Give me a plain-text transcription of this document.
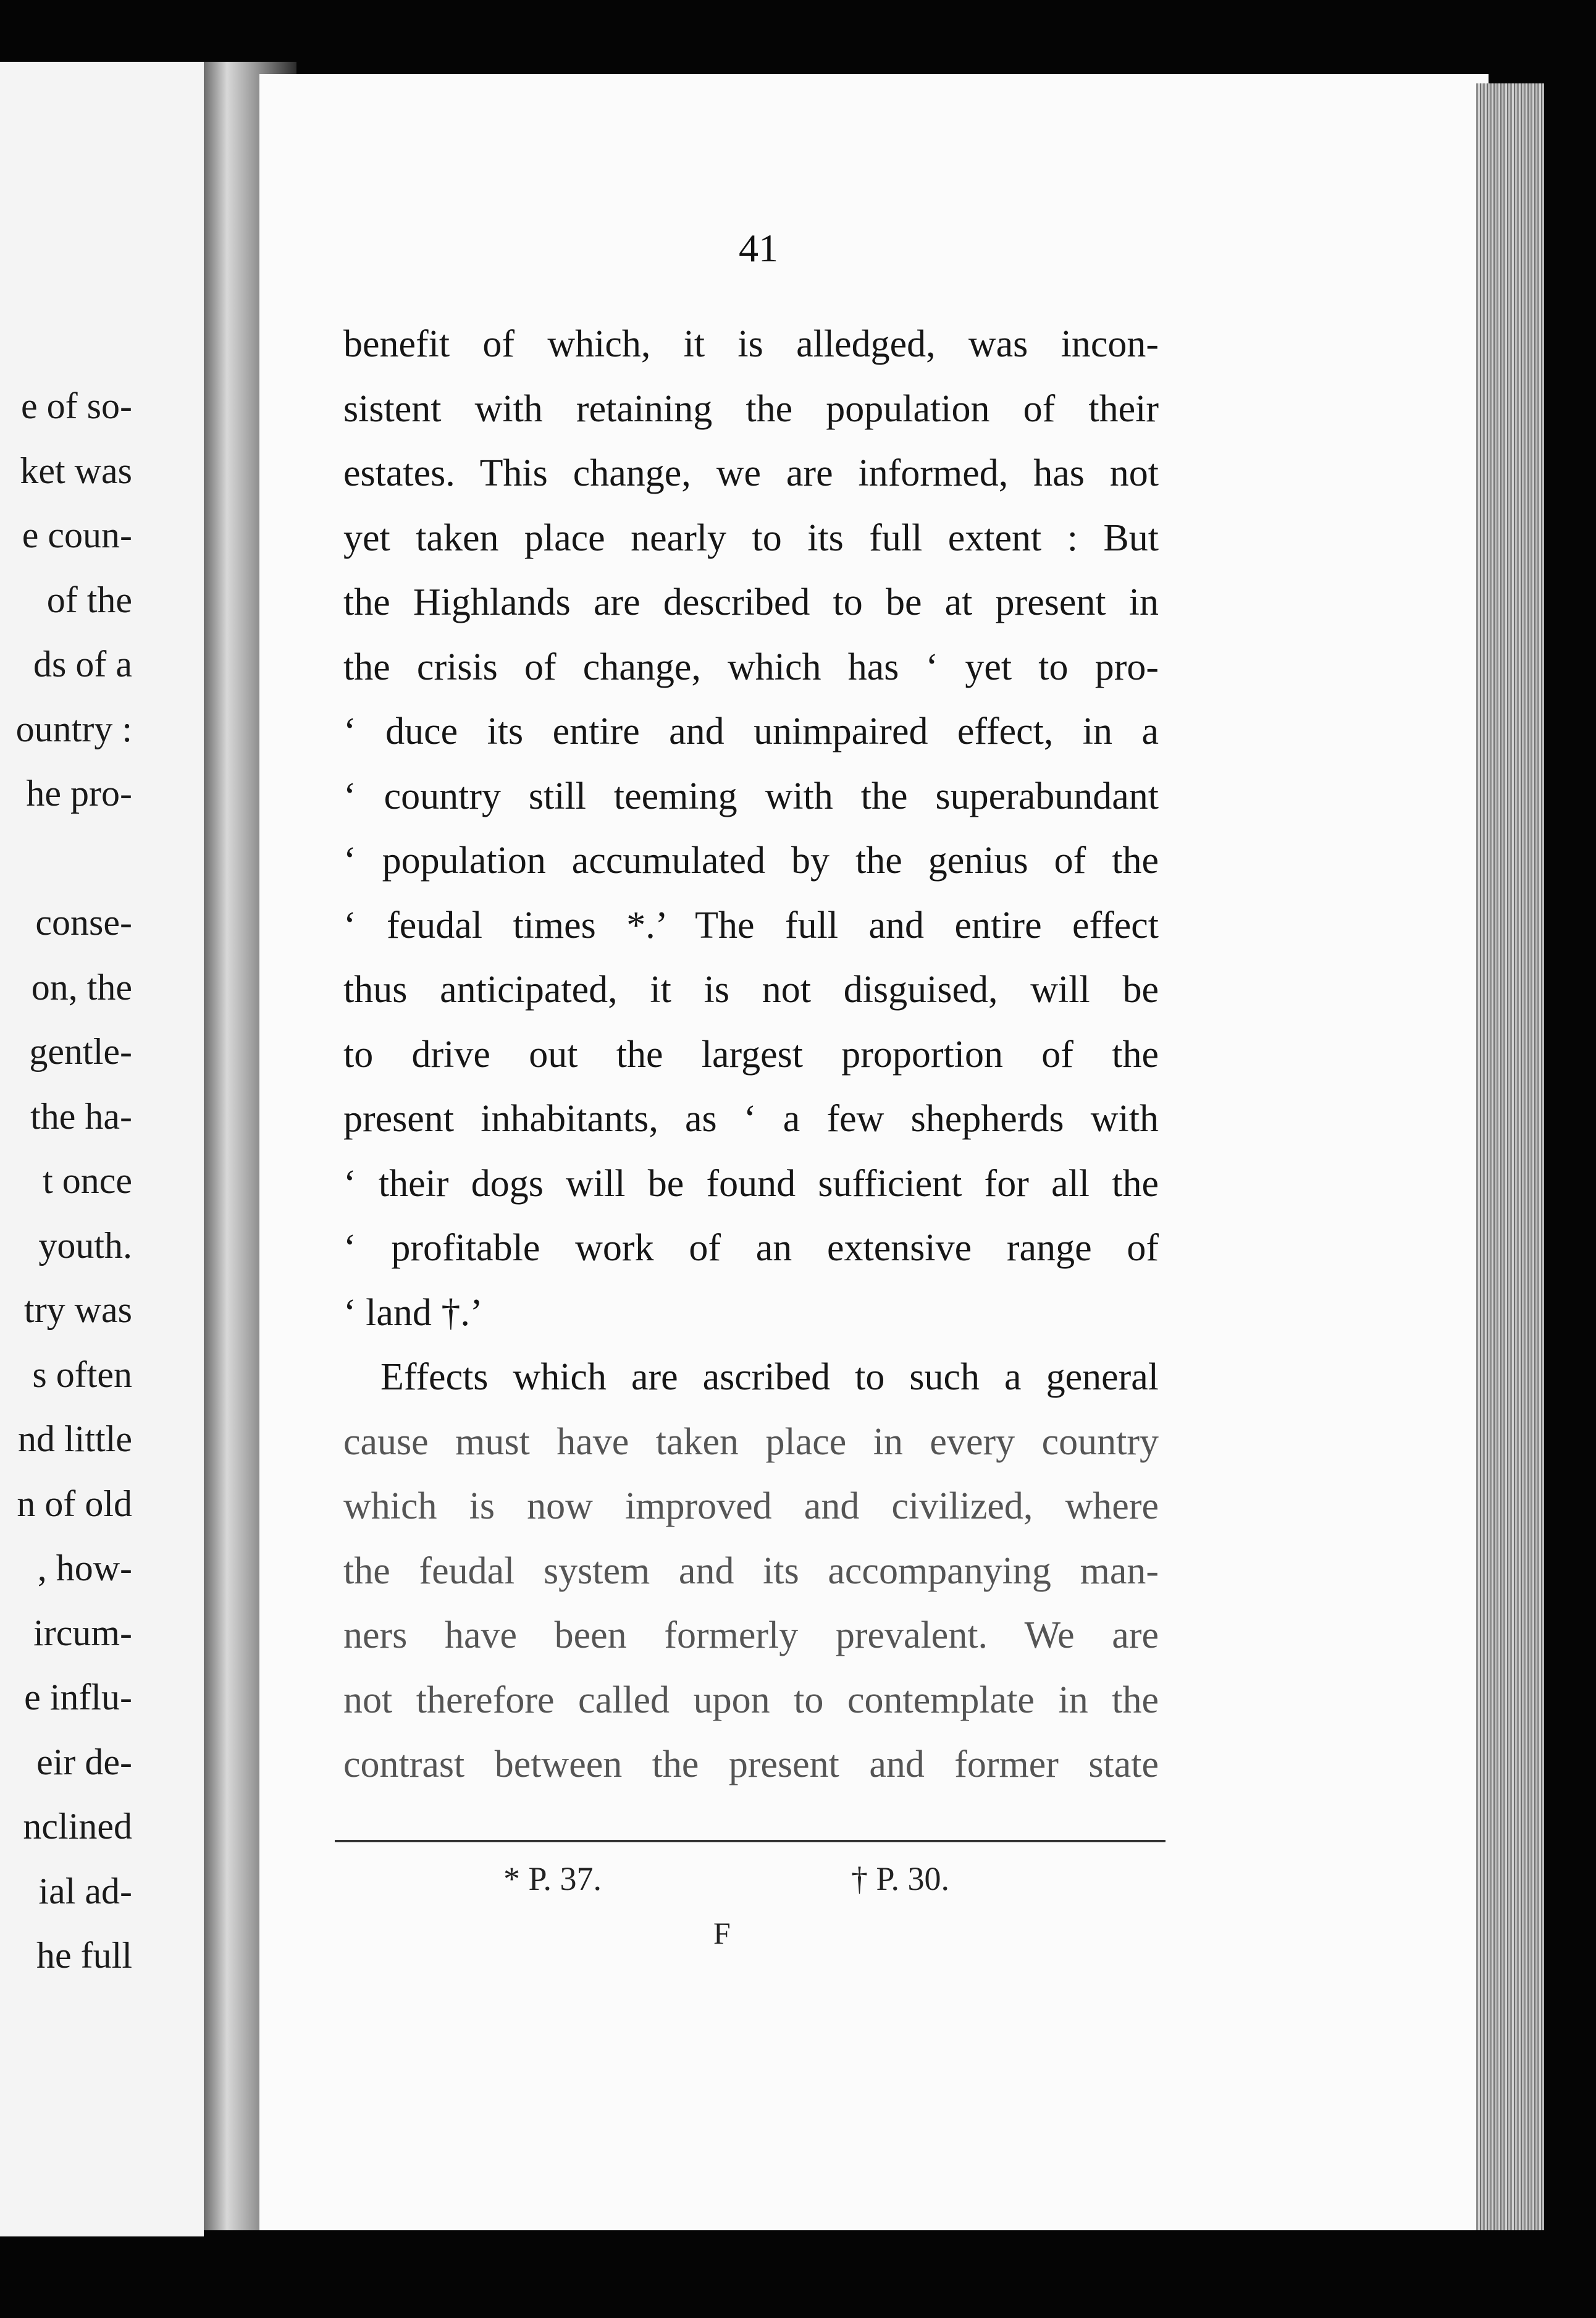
e of so-
ket was
e coun-
of the
ds of a
ountry :
he pro-
conse-
on, the
gentle-
the ha-
t once
youth.
try was
s often
nd little
n of old
, how-
ircum-
e influ-
eir de-
nclined
ial ad-
he full
41
benefit of which, it is alledged, was incon-
sistent with retaining the population of their
estates. This change, we are informed, has not
yet taken place nearly to its full extent : But
the Highlands are described to be at present in
the crisis of change, which has ‘ yet to pro-
‘ duce its entire and unimpaired effect, in a
‘ country still teeming with the superabundant
‘ population accumulated by the genius of the
‘ feudal times *.’ The full and entire effect
thus anticipated, it is not disguised, will be
to drive out the largest proportion of the
present inhabitants, as ‘ a few shepherds with
‘ their dogs will be found sufficient for all the
‘ profitable work of an extensive range of
‘ land †.’
Effects which are ascribed to such a general
cause must have taken place in every country
which is now improved and civilized, where
the feudal system and its accompanying man-
ners have been formerly prevalent. We are
not therefore called upon to contemplate in the
contrast between the present and former state
* P. 37.	† P. 30.
F
